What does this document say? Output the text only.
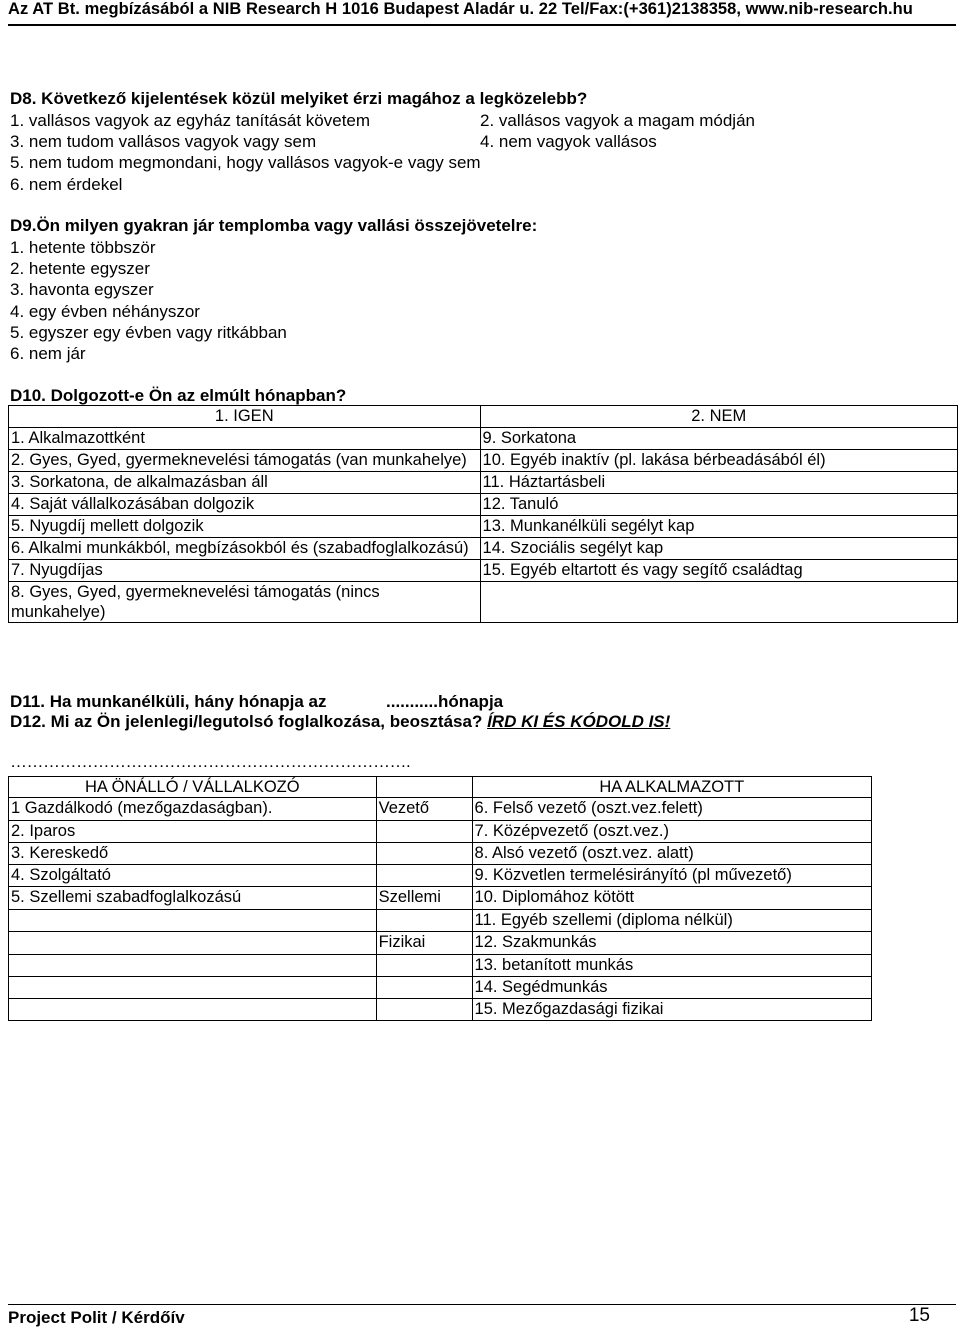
Az AT Bt. megbízásából a NIB Research H 1016 Budapest Aladár u. 22 Tel/Fax:(+361)2138358, www.nib-research.hu
D8. Következő kijelentések közül melyiket érzi magához a legközelebb?
1. vallásos vagyok az egyház tanítását követem	2. vallásos vagyok a magam módján
3. nem tudom vallásos vagyok vagy sem	4. nem vagyok vallásos
5. nem tudom megmondani, hogy vallásos vagyok-e vagy sem
6. nem érdekel
D9.Ön milyen gyakran jár templomba vagy vallási összejövetelre:
1. hetente többször
2. hetente egyszer
3. havonta egyszer
4. egy évben néhányszor
5. egyszer egy évben vagy ritkábban
6. nem jár
D10. Dolgozott-e Ön az elmúlt hónapban?
1. IGEN	2. NEM
1. Alkalmazottként	9. Sorkatona
2. Gyes, Gyed, gyermeknevelési támogatás (van munkahelye)	10. Egyéb inaktív (pl. lakása bérbeadásából él)
3. Sorkatona, de alkalmazásban áll	11. Háztartásbeli
4. Saját vállalkozásában dolgozik	12. Tanuló
5. Nyugdíj mellett dolgozik	13. Munkanélküli segélyt kap
6. Alkalmi munkákból, megbízásokból és (szabadfoglalkozású)	14. Szociális segélyt kap
7. Nyugdíjas	15. Egyéb eltartott és vagy segítő családtag
8. Gyes, Gyed, gyermeknevelési támogatás (nincs munkahelye)	
D11. Ha munkanélküli, hány hónapja az	...........hónapja
D12. Mi az Ön jelenlegi/legutolsó foglalkozása, beosztása? ÍRD KI ÉS KÓDOLD IS!
……………………………………………………………….
HA ÖNÁLLÓ / VÁLLALKOZÓ		HA ALKALMAZOTT
1 Gazdálkodó (mezőgazdaságban).	Vezető	6. Felső vezető (oszt.vez.felett)
2. Iparos		7. Középvezető (oszt.vez.)
3. Kereskedő		8. Alsó vezető (oszt.vez. alatt)
4. Szolgáltató		9. Közvetlen termelésirányító (pl művezető)
5. Szellemi szabadfoglalkozású	Szellemi	10. Diplomához kötött
		11. Egyéb szellemi (diploma nélkül)
	Fizikai	12. Szakmunkás
		13. betanított munkás
		14. Segédmunkás
		15. Mezőgazdasági fizikai
Project Polit / Kérdőív	15
